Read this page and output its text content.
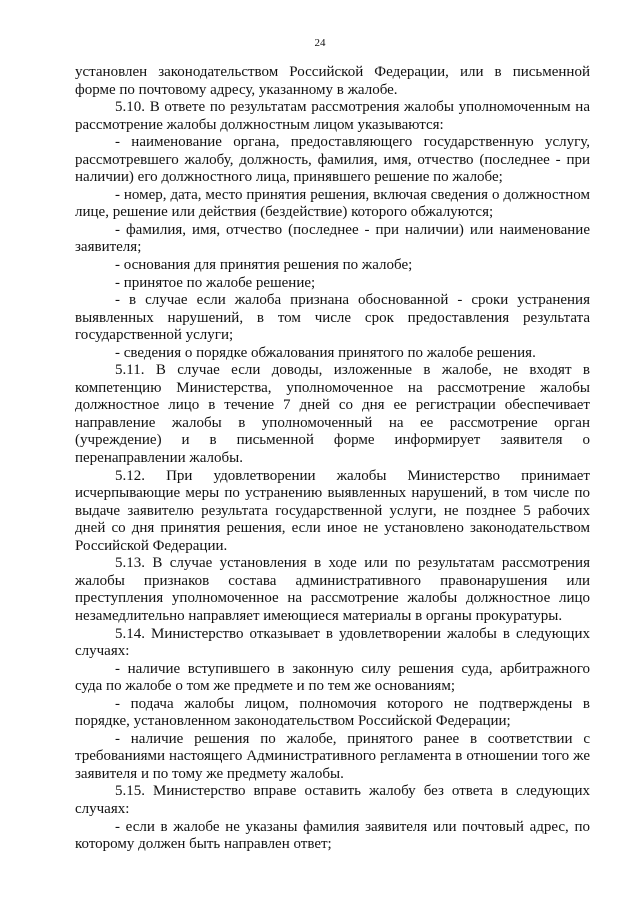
24

установлен законодательством Российской Федерации, или в письменной форме по почтовому адресу, указанному в жалобе.

5.10. В ответе по результатам рассмотрения жалобы уполномоченным на рассмотрение жалобы должностным лицом указываются:

- наименование органа, предоставляющего государственную услугу, рассмотревшего жалобу, должность, фамилия, имя, отчество (последнее - при наличии) его должностного лица, принявшего решение по жалобе;

- номер, дата, место принятия решения, включая сведения о должностном лице, решение или действия (бездействие) которого обжалуются;

- фамилия, имя, отчество (последнее - при наличии) или наименование заявителя;

- основания для принятия решения по жалобе;

- принятое по жалобе решение;

- в случае если жалоба признана обоснованной - сроки устранения выявленных нарушений, в том числе срок предоставления результата государственной услуги;

- сведения о порядке обжалования принятого по жалобе решения.

5.11. В случае если доводы, изложенные в жалобе, не входят в компетенцию Министерства, уполномоченное на рассмотрение жалобы должностное лицо в течение 7 дней со дня ее регистрации обеспечивает направление жалобы в уполномоченный на ее рассмотрение орган (учреждение) и в письменной форме информирует заявителя о перенаправлении жалобы.

5.12. При удовлетворении жалобы Министерство принимает исчерпывающие меры по устранению выявленных нарушений, в том числе по выдаче заявителю результата государственной услуги, не позднее 5 рабочих дней со дня принятия решения, если иное не установлено законодательством Российской Федерации.

5.13. В случае установления в ходе или по результатам рассмотрения жалобы признаков состава административного правонарушения или преступления уполномоченное на рассмотрение жалобы должностное лицо незамедлительно направляет имеющиеся материалы в органы прокуратуры.

5.14. Министерство отказывает в удовлетворении жалобы в следующих случаях:

- наличие вступившего в законную силу решения суда, арбитражного суда по жалобе о том же предмете и по тем же основаниям;

- подача жалобы лицом, полномочия которого не подтверждены в порядке, установленном законодательством Российской Федерации;

- наличие решения по жалобе, принятого ранее в соответствии с требованиями настоящего Административного регламента в отношении того же заявителя и по тому же предмету жалобы.

5.15. Министерство вправе оставить жалобу без ответа в следующих случаях:

- если в жалобе не указаны фамилия заявителя или почтовый адрес, по которому должен быть направлен ответ;
